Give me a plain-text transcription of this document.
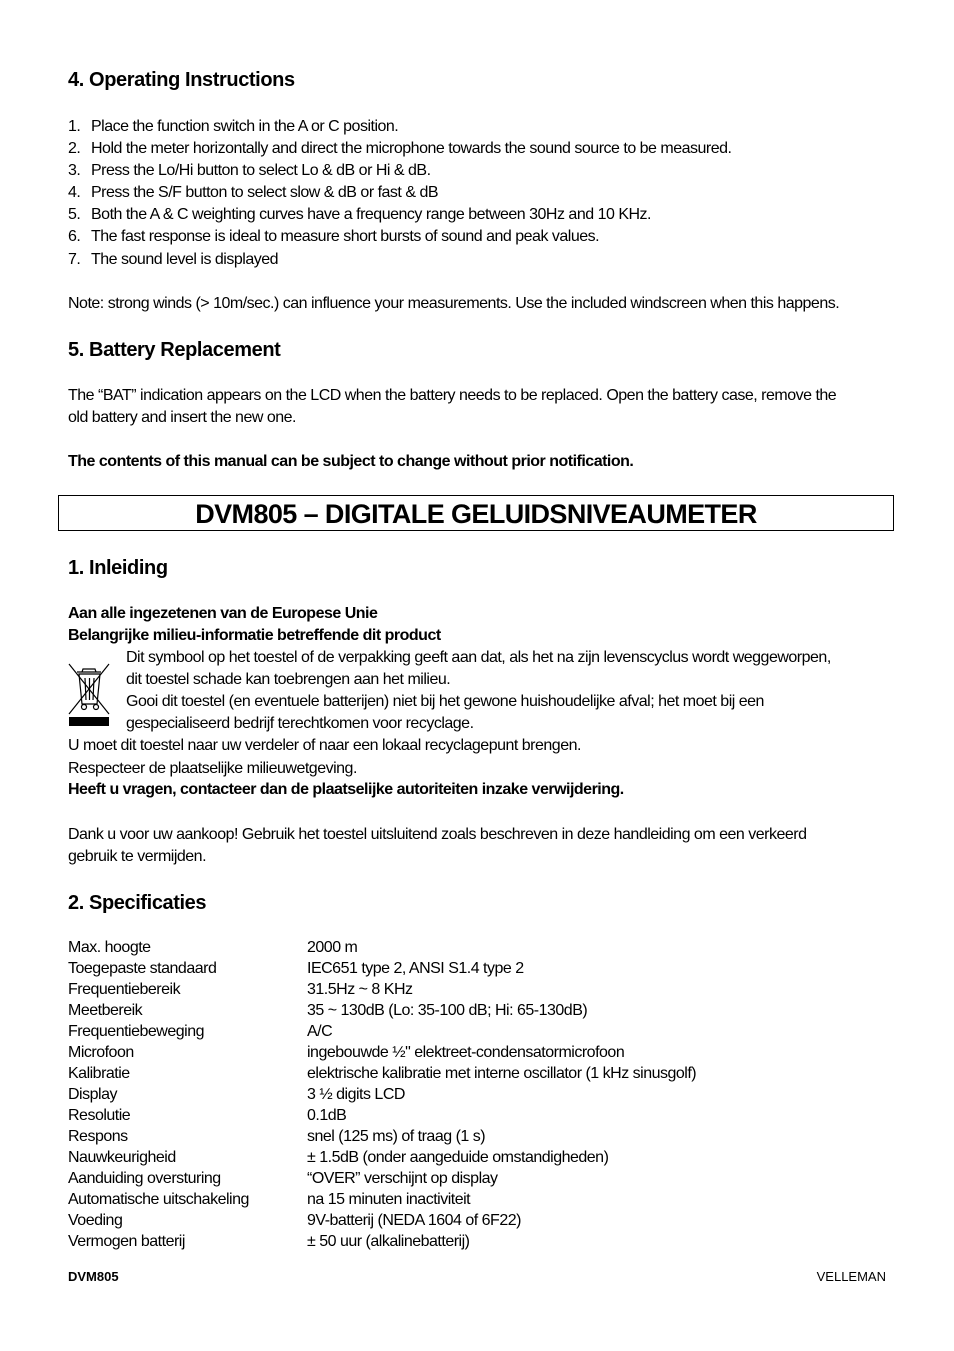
4. Operating Instructions
1. Place the function switch in the A or C position.
2. Hold the meter horizontally and direct the microphone towards the sound source to be measured.
3. Press the Lo/Hi button to select Lo & dB or Hi & dB.
4. Press the S/F button to select slow & dB or fast & dB
5. Both the A & C weighting curves have a frequency range between 30Hz and 10 KHz.
6. The fast response is ideal to measure short bursts of sound and peak values.
7. The sound level is displayed
Note: strong winds (> 10m/sec.) can influence your measurements. Use the included windscreen when this happens.
5. Battery Replacement
The “BAT” indication appears on the LCD when the battery needs to be replaced. Open the battery case, remove the
old battery and insert the new one.
The contents of this manual can be subject to change without prior notification.
1. Inleiding
Aan alle ingezetenen van de Europese Unie
Belangrijke milieu-informatie betreffende dit product
Dit symbool op het toestel of de verpakking geeft aan dat, als het na zijn levenscyclus wordt weggeworpen,
dit toestel schade kan toebrengen aan het milieu.
Gooi dit toestel (en eventuele batterijen) niet bij het gewone huishoudelijke afval; het moet bij een
gespecialiseerd bedrijf terechtkomen voor recyclage.
U moet dit toestel naar uw verdeler of naar een lokaal recyclagepunt brengen.
Respecteer de plaatselijke milieuwetgeving.
Heeft u vragen, contacteer dan de plaatselijke autoriteiten inzake verwijdering.
Dank u voor uw aankoop! Gebruik het toestel uitsluitend zoals beschreven in deze handleiding om een verkeerd
gebruik te vermijden.
2. Specificaties
Max. hoogte	2000 m
Toegepaste standaard	IEC651 type 2, ANSI S1.4 type 2
Frequentiebereik	31.5Hz ~ 8 KHz
Meetbereik	35 ~ 130dB (Lo: 35-100 dB; Hi: 65-130dB)
Frequentiebeweging	A/C
Microfoon	ingebouwde ½" elektreet-condensatormicrofoon
Kalibratie	elektrische kalibratie met interne oscillator (1 kHz sinusgolf)
Display	3 ½ digits LCD
Resolutie	0.1dB
Respons	snel (125 ms) of traag (1 s)
Nauwkeurigheid	± 1.5dB (onder aangeduide omstandigheden)
Aanduiding oversturing	“OVER” verschijnt op display
Automatische uitschakeling	na 15 minuten inactiviteit
Voeding	9V-batterij (NEDA 1604 of 6F22)
Vermogen batterij	± 50 uur (alkalinebatterij)
DVM805 – DIGITALE GELUIDSNIVEAUMETER
DVM805	VELLEMAN
